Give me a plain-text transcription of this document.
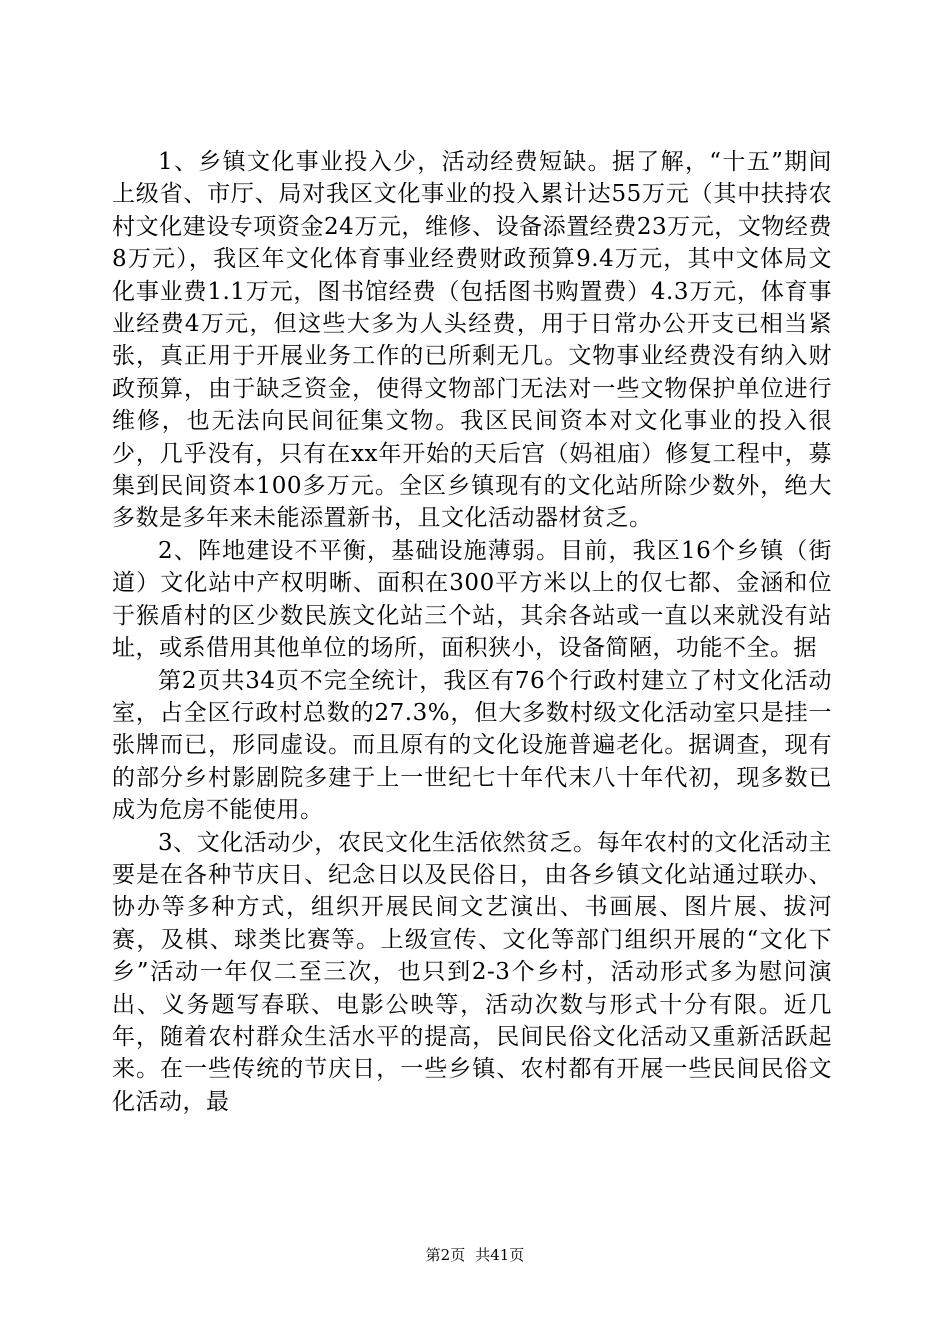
1、乡镇文化事业投入少，活动经费短缺。据了解，“十五”期间上级省、市厅、局对我区文化事业的投入累计达55万元（其中扶持农村文化建设专项资金24万元，维修、设备添置经费23万元，文物经费8万元），我区年文化体育事业经费财政预算9.4万元，其中文体局文化事业费1.1万元，图书馆经费（包括图书购置费）4.3万元，体育事业经费4万元，但这些大多为人头经费，用于日常办公开支已相当紧张，真正用于开展业务工作的已所剩无几。文物事业经费没有纳入财政预算，由于缺乏资金，使得文物部门无法对一些文物保护单位进行维修，也无法向民间征集文物。我区民间资本对文化事业的投入很少，几乎没有，只有在xx年开始的天后宫（妈祖庙）修复工程中，募集到民间资本100多万元。全区乡镇现有的文化站所除少数外，绝大多数是多年来未能添置新书，且文化活动器材贫乏。

2、阵地建设不平衡，基础设施薄弱。目前，我区16个乡镇（街道）文化站中产权明晰、面积在300平方米以上的仅七都、金涵和位于猴盾村的区少数民族文化站三个站，其余各站或一直以来就没有站址，或系借用其他单位的场所，面积狭小，设备简陋，功能不全。据

第2页共34页不完全统计，我区有76个行政村建立了村文化活动室，占全区行政村总数的27.3%，但大多数村级文化活动室只是挂一张牌而已，形同虚设。而且原有的文化设施普遍老化。据调查，现有的部分乡村影剧院多建于上一世纪七十年代末八十年代初，现多数已成为危房不能使用。

3、文化活动少，农民文化生活依然贫乏。每年农村的文化活动主要是在各种节庆日、纪念日以及民俗日，由各乡镇文化站通过联办、协办等多种方式，组织开展民间文艺演出、书画展、图片展、拔河赛，及棋、球类比赛等。上级宣传、文化等部门组织开展的“文化下乡”活动一年仅二至三次，也只到2-3个乡村，活动形式多为慰问演出、义务题写春联、电影公映等，活动次数与形式十分有限。近几年，随着农村群众生活水平的提高，民间民俗文化活动又重新活跃起来。在一些传统的节庆日，一些乡镇、农村都有开展一些民间民俗文化活动，最

第2页 共41页
